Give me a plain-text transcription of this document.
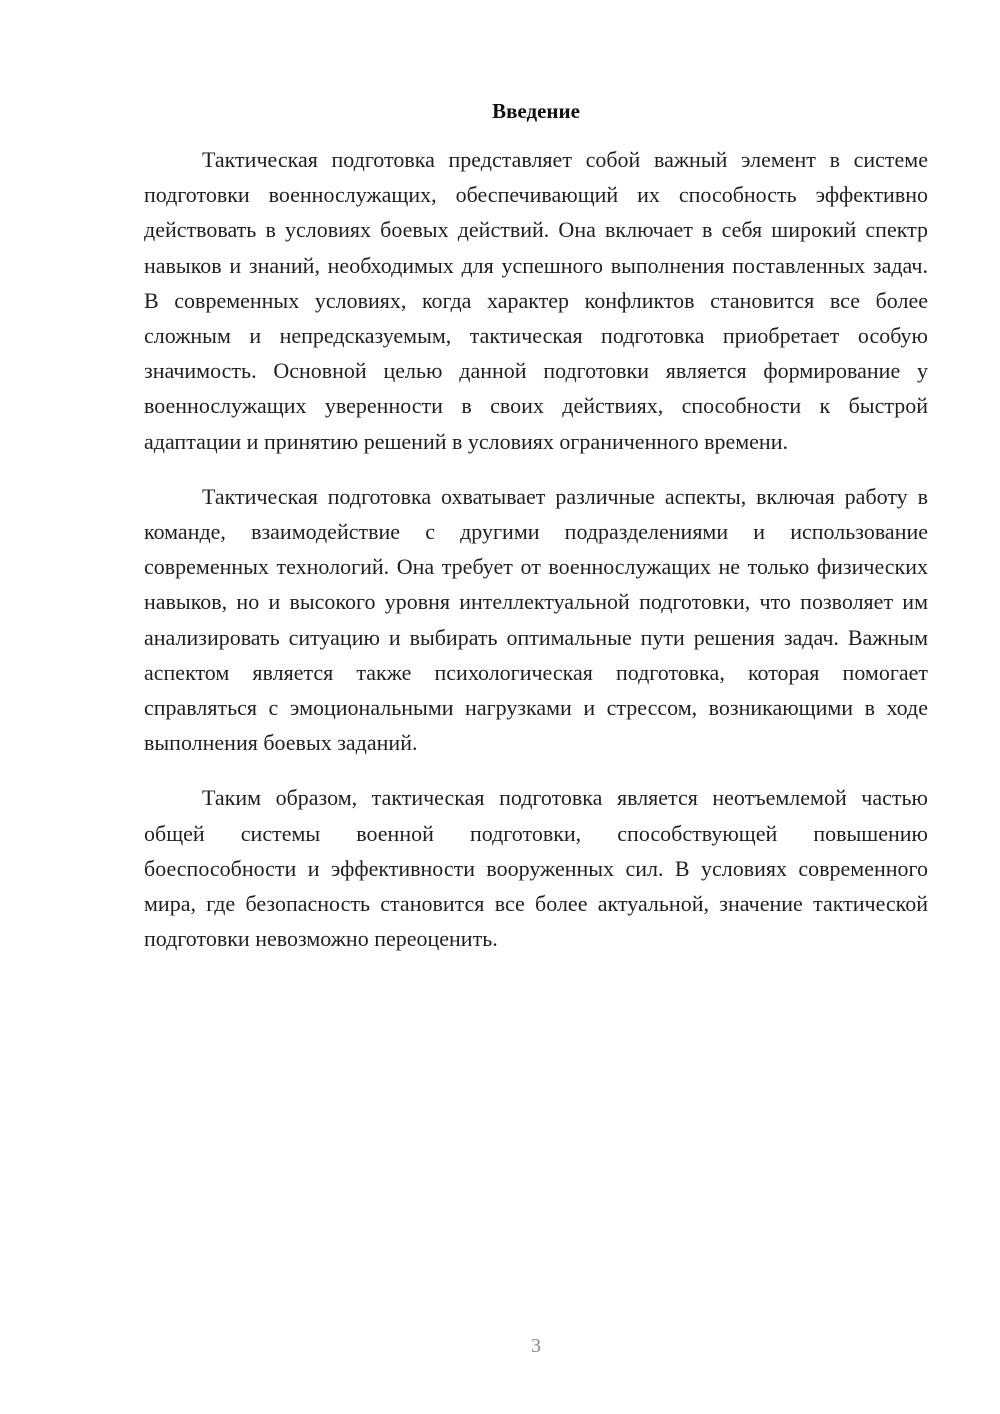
Введение

Тактическая подготовка представляет собой важный элемент в системе подготовки военнослужащих, обеспечивающий их способность эффективно действовать в условиях боевых действий. Она включает в себя широкий спектр навыков и знаний, необходимых для успешного выполнения поставленных задач. В современных условиях, когда характер конфликтов становится все более сложным и непредсказуемым, тактическая подготовка приобретает особую значимость. Основной целью данной подготовки является формирование у военнослужащих уверенности в своих действиях, способности к быстрой адаптации и принятию решений в условиях ограниченного времени.

Тактическая подготовка охватывает различные аспекты, включая работу в команде, взаимодействие с другими подразделениями и использование современных технологий. Она требует от военнослужащих не только физических навыков, но и высокого уровня интеллектуальной подготовки, что позволяет им анализировать ситуацию и выбирать оптимальные пути решения задач. Важным аспектом является также психологическая подготовка, которая помогает справляться с эмоциональными нагрузками и стрессом, возникающими в ходе выполнения боевых заданий.

Таким образом, тактическая подготовка является неотъемлемой частью общей системы военной подготовки, способствующей повышению боеспособности и эффективности вооруженных сил. В условиях современного мира, где безопасность становится все более актуальной, значение тактической подготовки невозможно переоценить.

3
